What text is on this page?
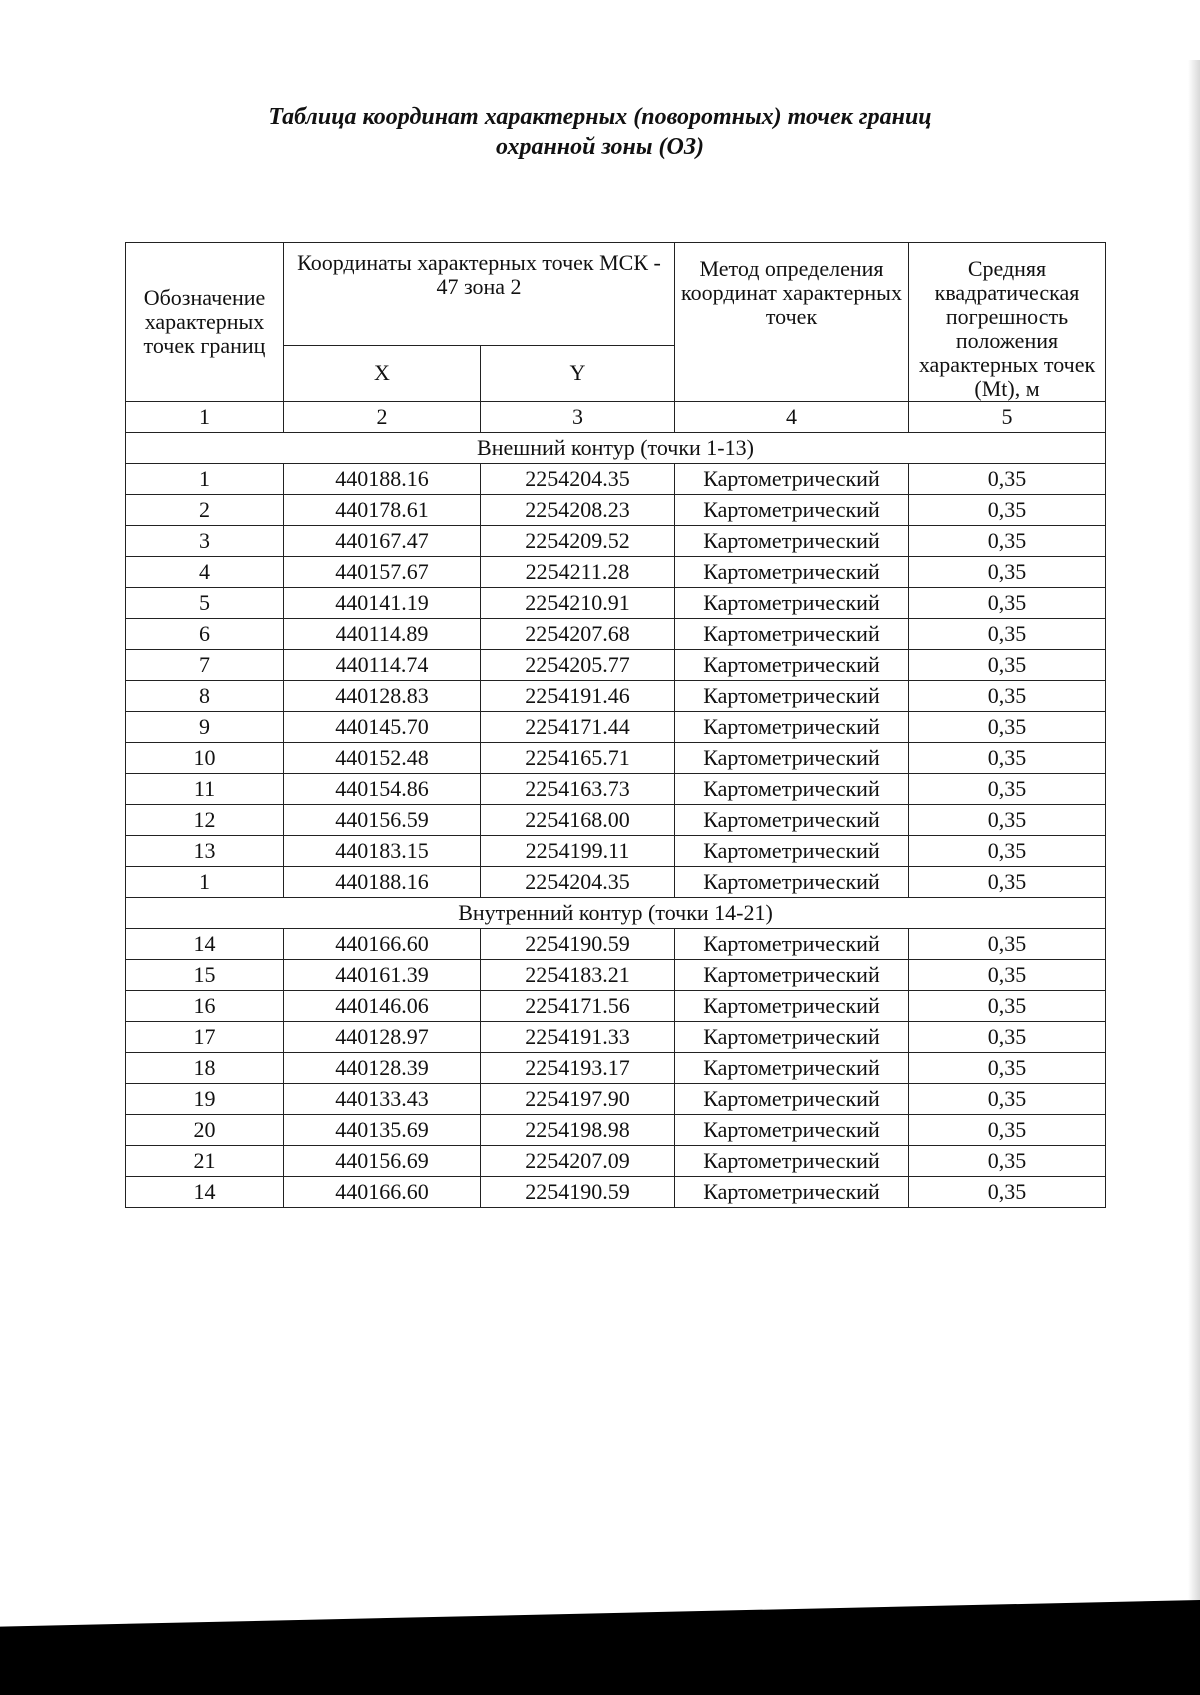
Таблица координат характерных (поворотных) точек границ
охранной зоны (ОЗ)
Обозначение характерных точек границ	Координаты характерных точек МСК - 47 зона 2		Метод определения координат характерных точек	Средняя квадратическая погрешность положения характерных точек (Mt), м
	X	Y		
1	2	3	4	5
Внешний контур (точки 1-13)				
1	440188.16	2254204.35	Картометрический	0,35
2	440178.61	2254208.23	Картометрический	0,35
3	440167.47	2254209.52	Картометрический	0,35
4	440157.67	2254211.28	Картометрический	0,35
5	440141.19	2254210.91	Картометрический	0,35
6	440114.89	2254207.68	Картометрический	0,35
7	440114.74	2254205.77	Картометрический	0,35
8	440128.83	2254191.46	Картометрический	0,35
9	440145.70	2254171.44	Картометрический	0,35
10	440152.48	2254165.71	Картометрический	0,35
11	440154.86	2254163.73	Картометрический	0,35
12	440156.59	2254168.00	Картометрический	0,35
13	440183.15	2254199.11	Картометрический	0,35
1	440188.16	2254204.35	Картометрический	0,35
Внутренний контур (точки 14-21)				
14	440166.60	2254190.59	Картометрический	0,35
15	440161.39	2254183.21	Картометрический	0,35
16	440146.06	2254171.56	Картометрический	0,35
17	440128.97	2254191.33	Картометрический	0,35
18	440128.39	2254193.17	Картометрический	0,35
19	440133.43	2254197.90	Картометрический	0,35
20	440135.69	2254198.98	Картометрический	0,35
21	440156.69	2254207.09	Картометрический	0,35
14	440166.60	2254190.59	Картометрический	0,35
